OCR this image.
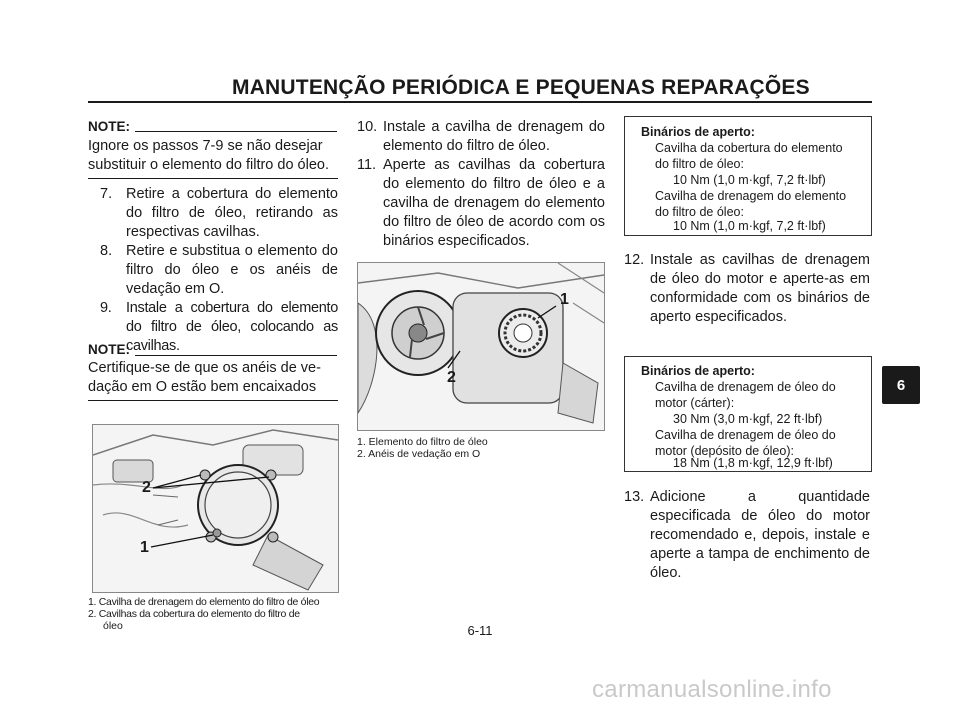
MANUTENÇÃO PERIÓDICA E PEQUENAS REPARAÇÕES
NOTE:
Ignore os passos 7-9 se não desejar
substituir o elemento do filtro do óleo.
7. Retire a cobertura do elemento do filtro de óleo, retirando as respectivas cavilhas.
8. Retire e substitua o elemento do filtro do óleo e os anéis de vedação em O.
9. Instale a cobertura do elemento do filtro de óleo, colocando as cavilhas.
NOTE:
Certifique-se de que os anéis de ve-
dação em O estão bem encaixados
2
1
1. Cavilha de drenagem do elemento do filtro de óleo
2. Cavilhas da cobertura do elemento do filtro de
óleo
10. Instale a cavilha de drenagem do elemento do filtro de óleo.
11. Aperte as cavilhas da cobertura do elemento do filtro de óleo e a cavilha de drenagem do elemento do filtro de óleo de acordo com os binários especificados.
1
2
1. Elemento do filtro de óleo
2. Anéis de vedação em O
Binários de aperto:
Cavilha da cobertura do elemento
do filtro de óleo:
10 Nm (1,0 m·kgf, 7,2 ft·lbf)
Cavilha de drenagem do elemento
do filtro de óleo:
10 Nm (1,0 m·kgf, 7,2 ft·lbf)
12. Instale as cavilhas de drenagem de óleo do motor e aperte-as em conformidade com os binários de aperto especificados.
Binários de aperto:
Cavilha de drenagem de óleo do
motor (cárter):
30 Nm (3,0 m·kgf, 22 ft·lbf)
Cavilha de drenagem de óleo do
motor (depósito de óleo):
18 Nm (1,8 m·kgf, 12,9 ft·lbf)
13. Adicione a quantidade especificada de óleo do motor recomendado e, depois, instale e aperte a tampa de enchimento de óleo.
6
6-11
carmanualsonline.info
